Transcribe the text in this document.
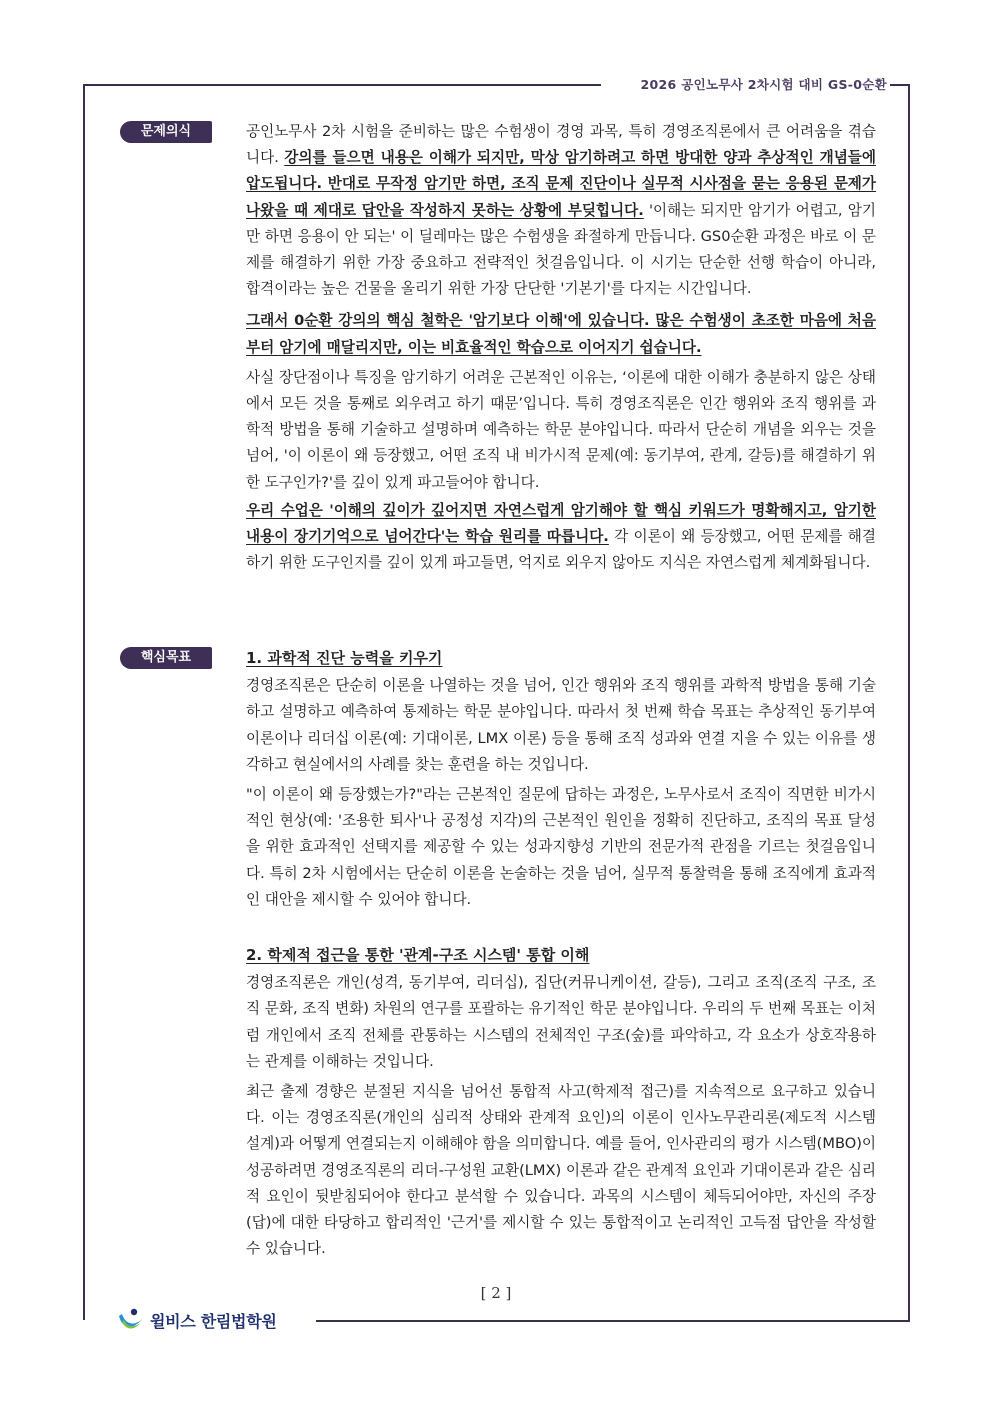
2026 공인노무사 2차시험 대비 GS-0순환
문제의식	공인노무사 2차 시험을 준비하는 많은 수험생이 경영 과목, 특히 경영조직론에서 큰 어려움을 겪습니다. 강의를 들으면 내용은 이해가 되지만, 막상 암기하려고 하면 방대한 양과 추상적인 개념들에 압도됩니다. 반대로 무작정 암기만 하면, 조직 문제 진단이나 실무적 시사점을 묻는 응용된 문제가 나왔을 때 제대로 답안을 작성하지 못하는 상황에 부딪힙니다. '이해는 되지만 암기가 어렵고, 암기만 하면 응용이 안 되는' 이 딜레마는 많은 수험생을 좌절하게 만듭니다. GS0순환 과정은 바로 이 문제를 해결하기 위한 가장 중요하고 전략적인 첫걸음입니다. 이 시기는 단순한 선행 학습이 아니라, 합격이라는 높은 건물을 올리기 위한 가장 단단한 '기본기'를 다지는 시간입니다.

그래서 0순환 강의의 핵심 철학은 '암기보다 이해'에 있습니다. 많은 수험생이 초조한 마음에 처음부터 암기에 매달리지만, 이는 비효율적인 학습으로 이어지기 쉽습니다.

사실 장단점이나 특징을 암기하기 어려운 근본적인 이유는, ‘이론에 대한 이해가 충분하지 않은 상태에서 모든 것을 통째로 외우려고 하기 때문’입니다. 특히 경영조직론은 인간 행위와 조직 행위를 과학적 방법을 통해 기술하고 설명하며 예측하는 학문 분야입니다. 따라서 단순히 개념을 외우는 것을 넘어, '이 이론이 왜 등장했고, 어떤 조직 내 비가시적 문제(예: 동기부여, 관계, 갈등)를 해결하기 위한 도구인가?'를 깊이 있게 파고들어야 합니다.

우리 수업은 '이해의 깊이가 깊어지면 자연스럽게 암기해야 할 핵심 키워드가 명확해지고, 암기한 내용이 장기기억으로 넘어간다'는 학습 원리를 따릅니다. 각 이론이 왜 등장했고, 어떤 문제를 해결하기 위한 도구인지를 깊이 있게 파고들면, 억지로 외우지 않아도 지식은 자연스럽게 체계화됩니다.

핵심목표	1. 과학적 진단 능력을 키우기

경영조직론은 단순히 이론을 나열하는 것을 넘어, 인간 행위와 조직 행위를 과학적 방법을 통해 기술하고 설명하고 예측하여 통제하는 학문 분야입니다. 따라서 첫 번째 학습 목표는 추상적인 동기부여 이론이나 리더십 이론(예: 기대이론, LMX 이론) 등을 통해 조직 성과와 연결 지을 수 있는 이유를 생각하고 현실에서의 사례를 찾는 훈련을 하는 것입니다.

"이 이론이 왜 등장했는가?"라는 근본적인 질문에 답하는 과정은, 노무사로서 조직이 직면한 비가시적인 현상(예: '조용한 퇴사'나 공정성 지각)의 근본적인 원인을 정확히 진단하고, 조직의 목표 달성을 위한 효과적인 선택지를 제공할 수 있는 성과지향성 기반의 전문가적 관점을 기르는 첫걸음입니다. 특히 2차 시험에서는 단순히 이론을 논술하는 것을 넘어, 실무적 통찰력을 통해 조직에게 효과적인 대안을 제시할 수 있어야 합니다.

2. 학제적 접근을 통한 '관계-구조 시스템' 통합 이해

경영조직론은 개인(성격, 동기부여, 리더십), 집단(커뮤니케이션, 갈등), 그리고 조직(조직 구조, 조직 문화, 조직 변화) 차원의 연구를 포괄하는 유기적인 학문 분야입니다. 우리의 두 번째 목표는 이처럼 개인에서 조직 전체를 관통하는 시스템의 전체적인 구조(숲)를 파악하고, 각 요소가 상호작용하는 관계를 이해하는 것입니다.

최근 출제 경향은 분절된 지식을 넘어선 통합적 사고(학제적 접근)를 지속적으로 요구하고 있습니다. 이는 경영조직론(개인의 심리적 상태와 관계적 요인)의 이론이 인사노무관리론(제도적 시스템 설계)과 어떻게 연결되는지 이해해야 함을 의미합니다. 예를 들어, 인사관리의 평가 시스템(MBO)이 성공하려면 경영조직론의 리더-구성원 교환(LMX) 이론과 같은 관계적 요인과 기대이론과 같은 심리적 요인이 뒷받침되어야 한다고 분석할 수 있습니다. 과목의 시스템이 체득되어야만, 자신의 주장(답)에 대한 타당하고 합리적인 '근거'를 제시할 수 있는 통합적이고 논리적인 고득점 답안을 작성할 수 있습니다.

[ 2 ]
윌비스 한림법학원
